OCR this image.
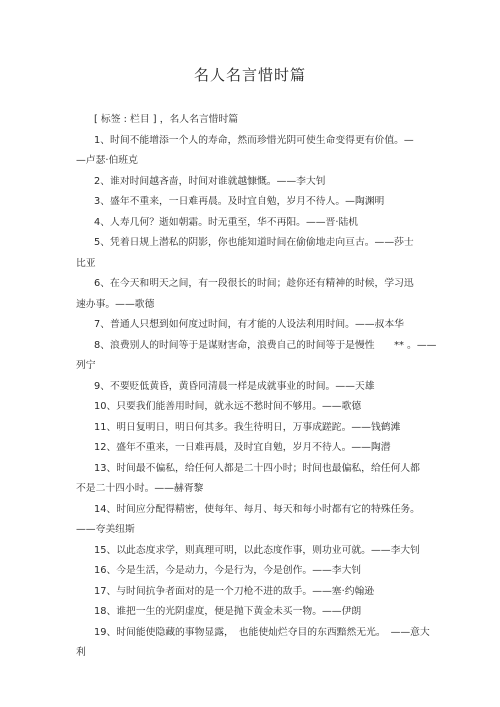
名人名言惜时篇
[ 标签 : 栏目 ] ，名人名言惜时篇
1、时间不能增添一个人的寿命，然而珍惜光阴可使生命变得更有价值。—
—卢瑟·伯班克
2、谁对时间越吝啬，时间对谁就越慷慨。——李大钊
3、盛年不重来，一日难再晨。及时宜自勉，岁月不待人。—陶渊明
4、人寿几何？逝如朝霜。时无重至，华不再阳。——晋·陆机
5、凭着日规上潜私的阴影，你也能知道时间在偷偷地走向亘古。——莎士
比亚
6、在今天和明天之间，有一段很长的时间；趁你还有精神的时候，学习迅
速办事。——歌德
7、普通人只想到如何度过时间，有才能的人设法利用时间。——叔本华
8、浪费别人的时间等于是谋财害命，浪费自己的时间等于是慢性　　** 。——
列宁
9、不要贬低黄昏，黄昏同清晨一样是成就事业的时间。——天雄
10、只要我们能善用时间，就永远不愁时间不够用。——歌德
11、明日复明日，明日何其多。我生待明日，万事成蹉跎。——钱鹤滩
12、盛年不重来，一日难再晨，及时宜自勉，岁月不待人。——陶潜
13、时间最不偏私，给任何人都是二十四小时；时间也最偏私，给任何人都
不是二十四小时。——赫胥黎
14、时间应分配得精密，使每年、每月、每天和每小时都有它的特殊任务。
——夸美纽斯
15、以此态度求学，则真理可明，以此态度作事，则功业可就。——李大钊
16、今是生活，今是动力，今是行为，今是创作。——李大钊
17、与时间抗争者面对的是一个刀枪不进的敌手。——塞·约翰逊
18、谁把一生的光阴虚度，便是抛下黄金未买一物。——伊朗
19、时间能使隐藏的事物显露，　也能使灿烂夺目的东西黯然无光。　——意大
利
